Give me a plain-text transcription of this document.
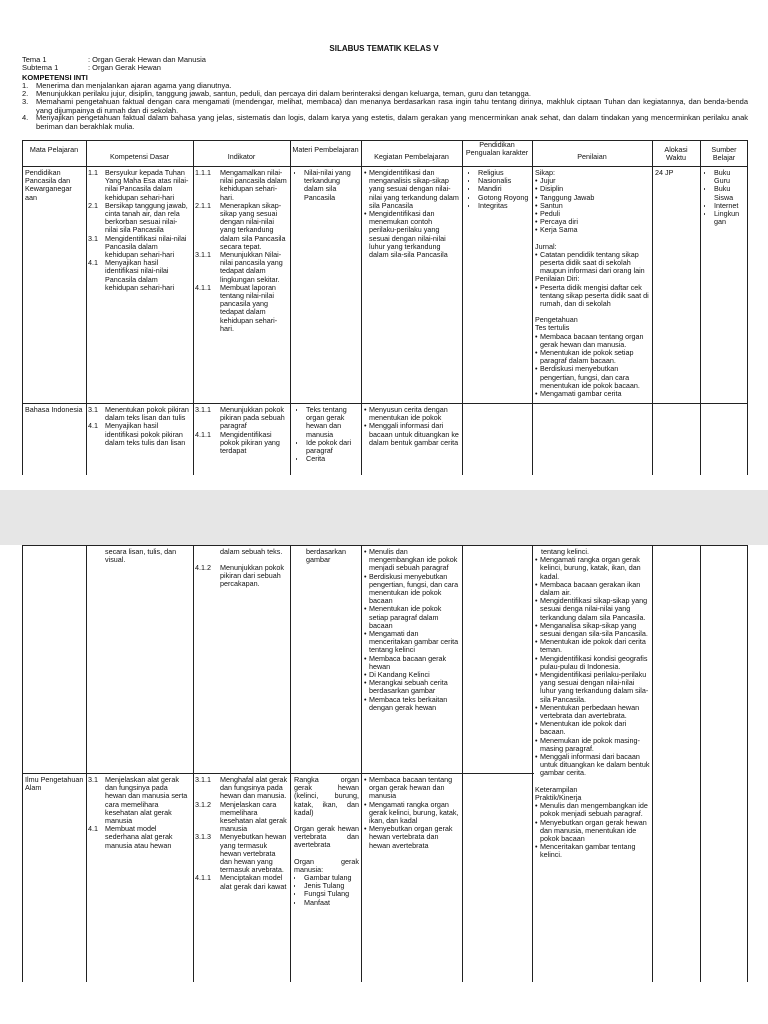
SILABUS TEMATIK KELAS V
Tema 1	: Organ Gerak Hewan dan Manusia
Subtema 1	: Organ Gerak Hewan
KOMPETENSI INTI
1. Menerima dan menjalankan ajaran agama yang dianutnya.
2. Menunjukkan perilaku jujur, disiplin, tanggung jawab, santun, peduli, dan percaya diri dalam berinteraksi dengan keluarga, teman, guru dan tetangga.
3. Memahami pengetahuan faktual dengan cara mengamati (mendengar, melihat, membaca) dan menanya berdasarkan rasa ingin tahu tentang dirinya, makhluk ciptaan Tuhan dan kegiatannya, dan benda-benda yang dijumpainya di rumah dan di sekolah.
4. Menyajikan pengetahuan faktual dalam bahasa yang jelas, sistematis dan logis, dalam karya yang estetis, dalam gerakan yang mencerminkan anak sehat, dan dalam tindakan yang mencerminkan perilaku anak beriman dan berakhlak mulia.
Mata Pelajaran
Kompetensi Dasar	Indikator
Materi Pembelajaran
Kegiatan Pembelajaran
Pendidikan Pengualan karakter	Penilaian
Alokasi Waktu
Sumber Belajar
Pendidikan Pancasila dan Kewarganegar aan
1.1 Bersyukur kepada Tuhan Yang Maha Esa atas nilai-nilai Pancasila dalam kehidupan sehari-hari
2.1 Bersikap tanggung jawab, cinta tanah air, dan rela berkorban sesuai nilai-nilai sila Pancasila
3.1 Mengidentifikasi nilai-nilai Pancasila dalam kehidupan sehari-hari
4.1 Menyajikan hasil identifikasi nilai-nilai Pancasila dalam kehidupan sehari-hari
1.1.1	Mengamalkan nilai-nilai pancasila dalam kehidupan sehari-hari.
2.1.1	Menerapkan sikap-sikap yang sesuai dengan nilai-nilai yang terkandung dalam sila Pancasila secara tepat.
3.1.1	Menunjukkan Nilai-nilai pancasila yang tedapat dalam lingkungan sekitar.
4.1.1	Membuat laporan tentang nilai-nilai pancasila yang tedapat dalam kehidupan sehari-hari.
• Nilai-nilai yang terkandung dalam sila Pancasila
• Mengidentifikasi dan menganalisis sikap-sikap yang sesuai dengan nilai-nilai yang terkandung dalam sila Pancasila
• Mengidentifikasi dan menemukan contoh perilaku-perilaku yang sesuai dengan nilai-nilai luhur yang terkandung dalam sila-sila Pancasila
• Religius
• Nasionalis
• Mandiri
• Gotong Royong
• Integritas
Sikap:
• Jujur
• Disiplin
• Tanggung Jawab
• Santun
• Peduli
• Percaya diri
• Kerja Sama
Jurnal:
• Catatan pendidik tentang sikap peserta didik saat di sekolah maupun informasi dari orang lain
Penilaian Diri:
• Peserta didik mengisi daftar cek tentang sikap peserta didik saat di rumah, dan di sekolah
Pengetahuan
Tes tertulis
• Membaca bacaan tentang organ gerak hewan dan manusia.
• Menentukan ide pokok setiap paragraf dalam bacaan.
• Berdiskusi menyebutkan pengertian, fungsi, dan cara menentukan ide pokok bacaan.
• Mengamati gambar cerita
24 JP
•	Buku Guru
• Buku Siswa
• Internet
• Lingkun gan
Bahasa Indonesia 3.1 Menentukan pokok pikiran dalam teks lisan dan tulis
4.1 Menyajikan hasil identifikasi pokok pikiran dalam teks tulis dan lisan
3.1.1	Menunjukkan pokok pikiran pada sebuah paragraf
4.1.1	Mengidentifikasi pokok pikiran yang terdapat
• Teks tentang organ gerak hewan dan manusia
• Ide pokok dari paragraf
• Cerita
• Menyusun cerita dengan menentukan ide pokok
• Menggali informasi dari bacaan untuk dituangkan ke dalam bentuk gambar cerita
secara lisan, tulis, dan visual.
dalam sebuah teks.
4.1.2	Menunjukkan pokok pikiran dari sebuah percakapan.
berdasarkan gambar
• Menulis dan mengembangkan ide pokok menjadi sebuah paragraf
• Berdiskusi menyebutkan pengertian, fungsi, dan cara menentukan ide pokok bacaan
• Menentukan ide pokok setiap paragraf dalam bacaan
• Mengamati dan menceritakan gambar cerita tentang kelinci
• Membaca bacaan gerak hewan
• Di Kandang Kelinci
• Merangkai sebuah cerita berdasarkan gambar
• Membaca teks berkaitan dengan gerak hewan
tentang kelinci.
• Mengamati rangka organ gerak kelinci, burung, katak, ikan, dan kadal.
• Membaca bacaan gerakan ikan dalam air.
• Mengidentifikasi sikap-sikap yang sesuai denga nilai-nilai yang terkandung dalam sila Pancasila.
• Menganalisa sikap-sikap yang sesuai dengan sila-sila Pancasila.
• Menentukan ide pokok dari cerita teman.
• Mengidentifikasi kondisi geografis pulau-pulau di Indonesia.
• Mengidentifikasi perilaku-perilaku yang sesuai dengan nilai-nilai luhur yang terkandung dalam sila-sila Pancasila.
• Menentukan perbedaan hewan vertebrata dan avertebrata.
• Menentukan ide pokok dari bacaan.
• Menemukan ide pokok masing-masing paragraf.
• Menggali informasi dari bacaan untuk dituangkan ke dalam bentuk gambar cerita.
Keterampilan
Praktik/Kinerja
• Menulis dan mengembangkan ide pokok menjadi sebuah paragraf.
• Menyebutkan organ gerak hewan dan manusia, menentukan ide pokok bacaan
• Menceritakan gambar tentang kelinci.
Ilmu Pengetahuan Alam
3.1 Menjelaskan alat gerak dan fungsinya pada hewan dan manusia serta cara memelihara kesehatan alat gerak manusia
4.1 Membuat model sederhana alat gerak manusia atau hewan
3.1.1	Menghafal alat gerak dan fungsinya pada hewan dan manusia.
3.1.2	Menjelaskan cara memelihara kesehatan alat gerak manusia
3.1.3	Menyebutkan hewan yang termasuk hewan vertebrata dan hewan yang termasuk arvebrata.
4.1.1	Menciptakan model alat gerak dari kawat
Rangka organ gerak hewan (kelinci, burung, katak, ikan, dan kadal)
Organ gerak hewan vertebrata dan avertebrata
Organ gerak manusia:
• Gambar tulang
• Jenis Tulang
• Fungsi Tulang
• Manfaat
• Membaca bacaan tentang organ gerak hewan dan manusia
• Mengamati rangka organ gerak kelinci, burung, katak, ikan, dan kadal
• Menyebutkan organ gerak hewan vertebrata dan hewan avertebrata
